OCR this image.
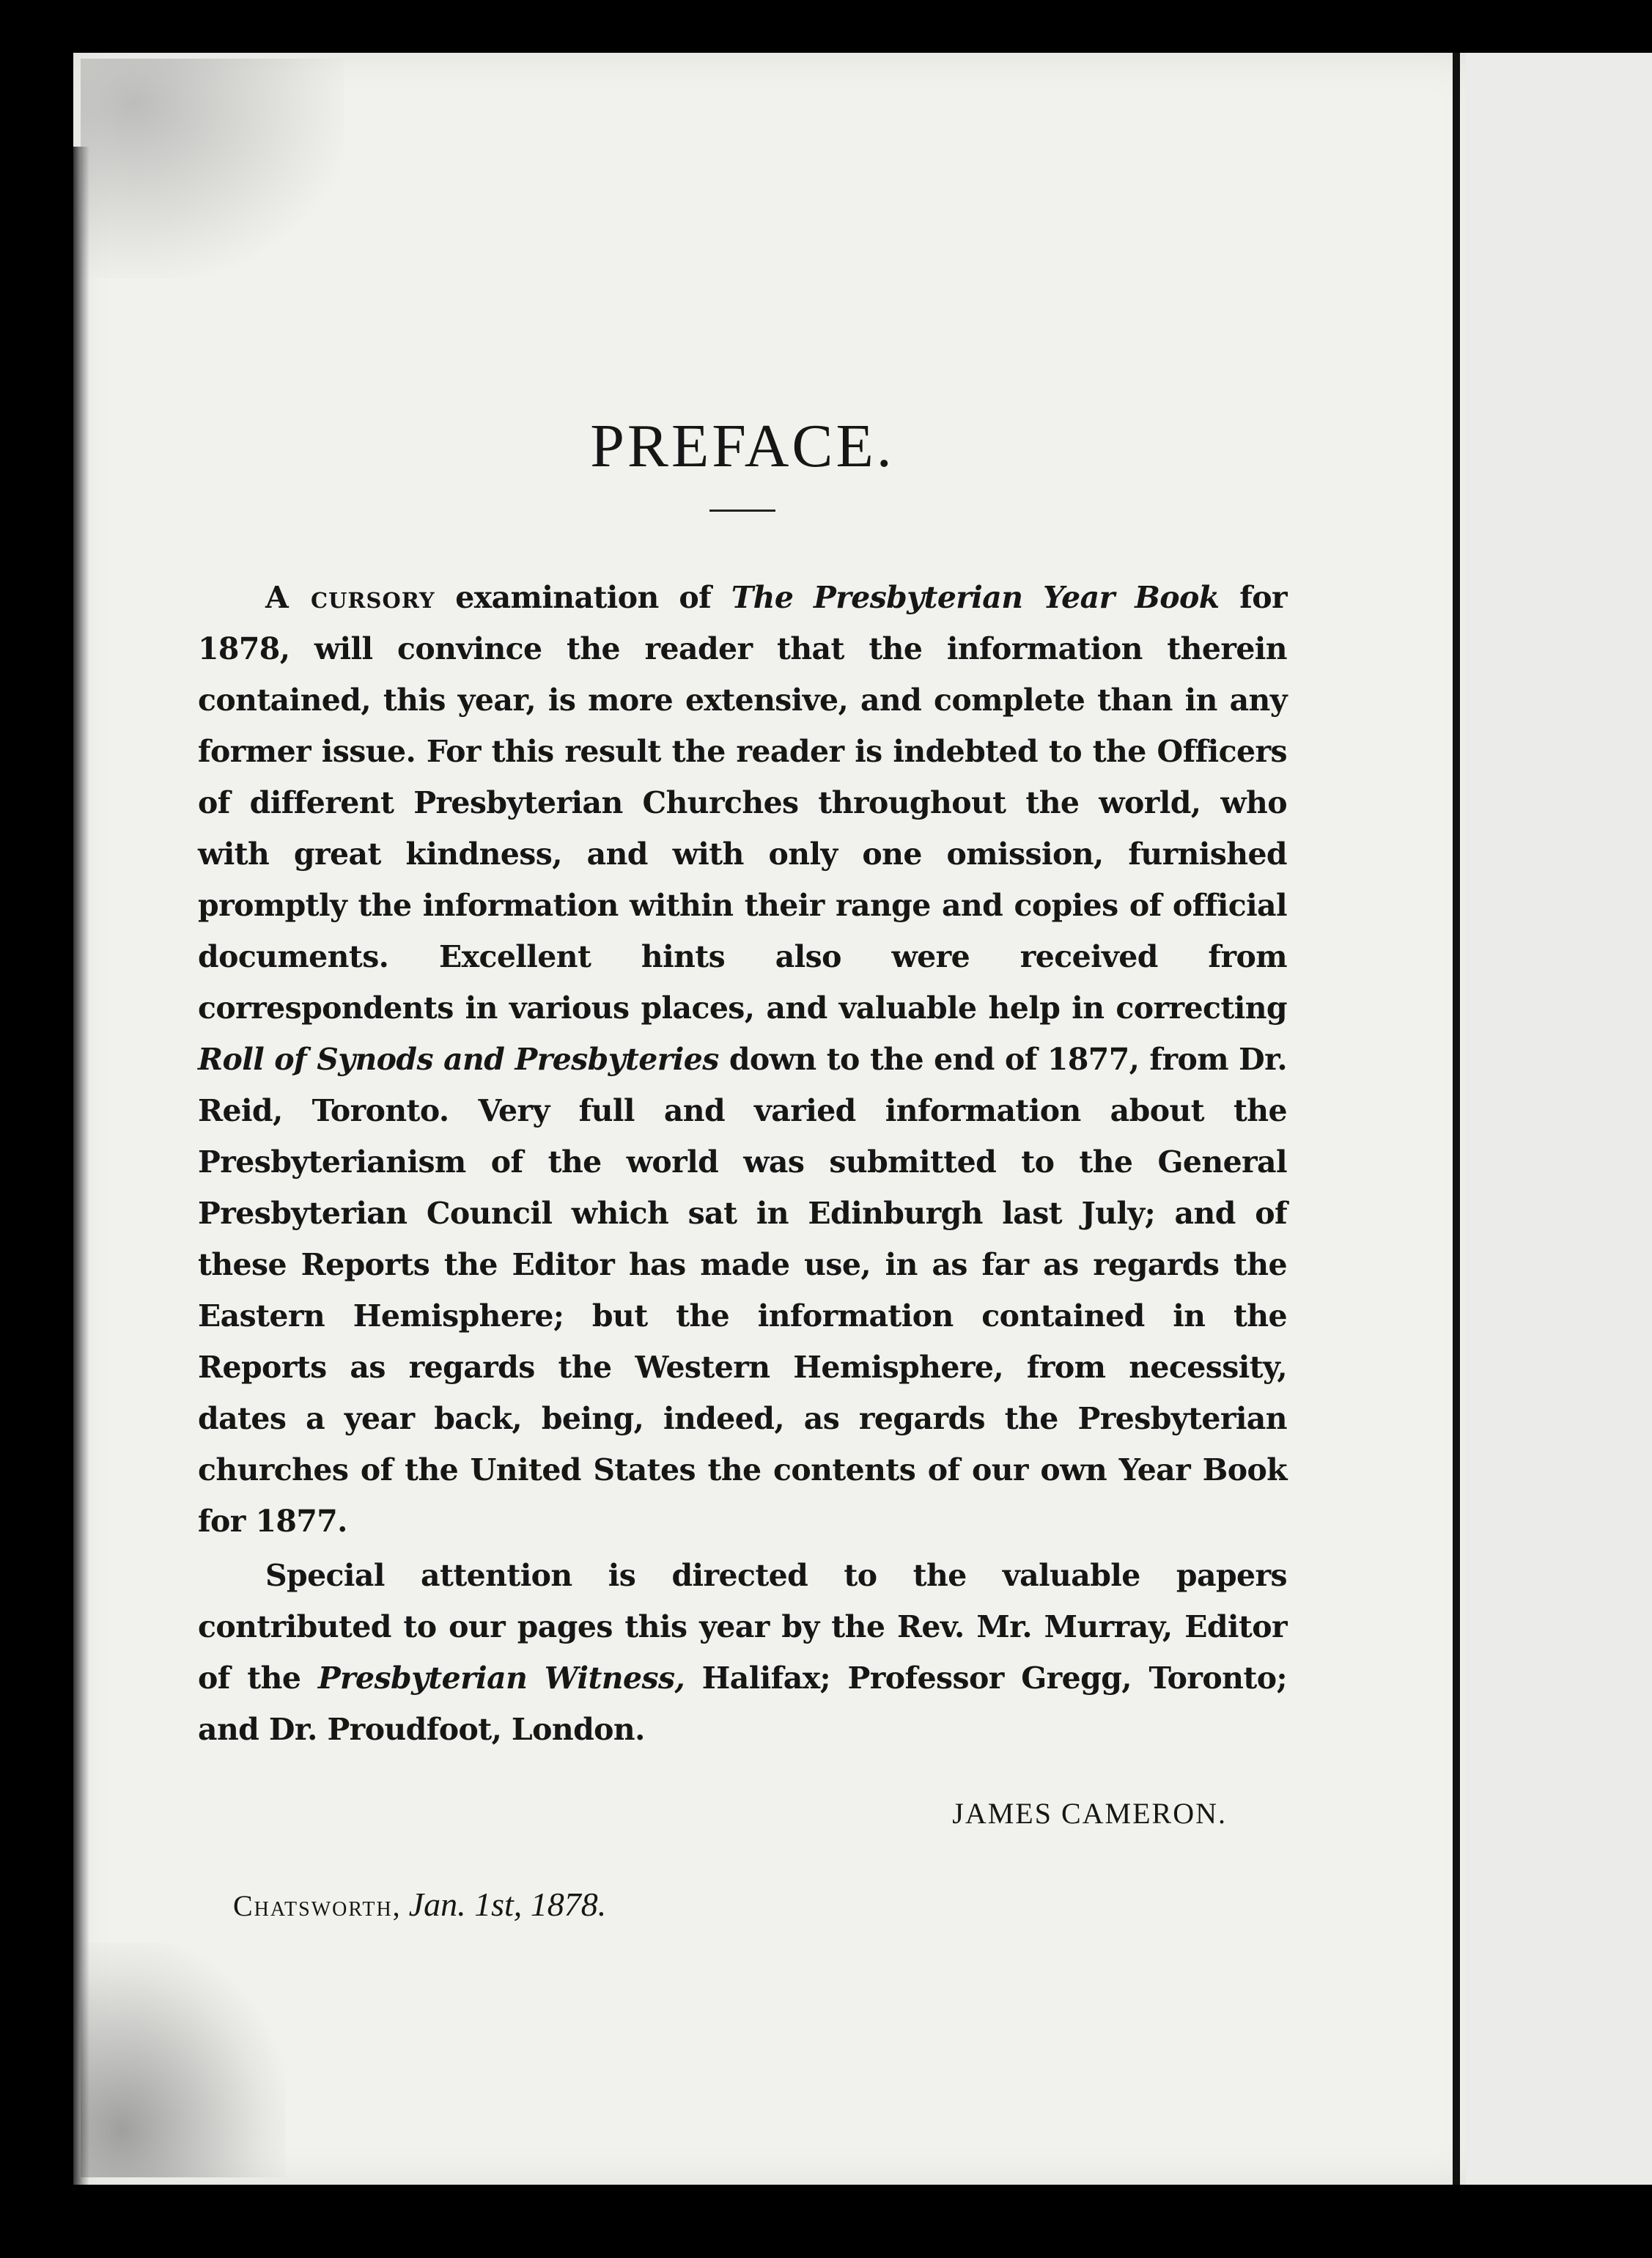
PREFACE.

A cursory examination of The Presbyterian Year Book for 1878, will convince the reader that the information therein contained, this year, is more extensive, and complete than in any former issue. For this result the reader is indebted to the Officers of different Presbyterian Churches throughout the world, who with great kindness, and with only one omission, furnished promptly the information within their range and copies of official documents. Excellent hints also were received from correspondents in various places, and valuable help in correcting Roll of Synods and Presbyteries down to the end of 1877, from Dr. Reid, Toronto. Very full and varied information about the Presbyterianism of the world was submitted to the General Presbyterian Council which sat in Edinburgh last July; and of these Reports the Editor has made use, in as far as regards the Eastern Hemisphere; but the information contained in the Reports as regards the Western Hemisphere, from necessity, dates a year back, being, indeed, as regards the Presbyterian churches of the United States the contents of our own Year Book for 1877.

Special attention is directed to the valuable papers contributed to our pages this year by the Rev. Mr. Murray, Editor of the Presbyterian Witness, Halifax; Professor Gregg, Toronto; and Dr. Proudfoot, London.

JAMES CAMERON.
Chatsworth, Jan. 1st, 1878.
